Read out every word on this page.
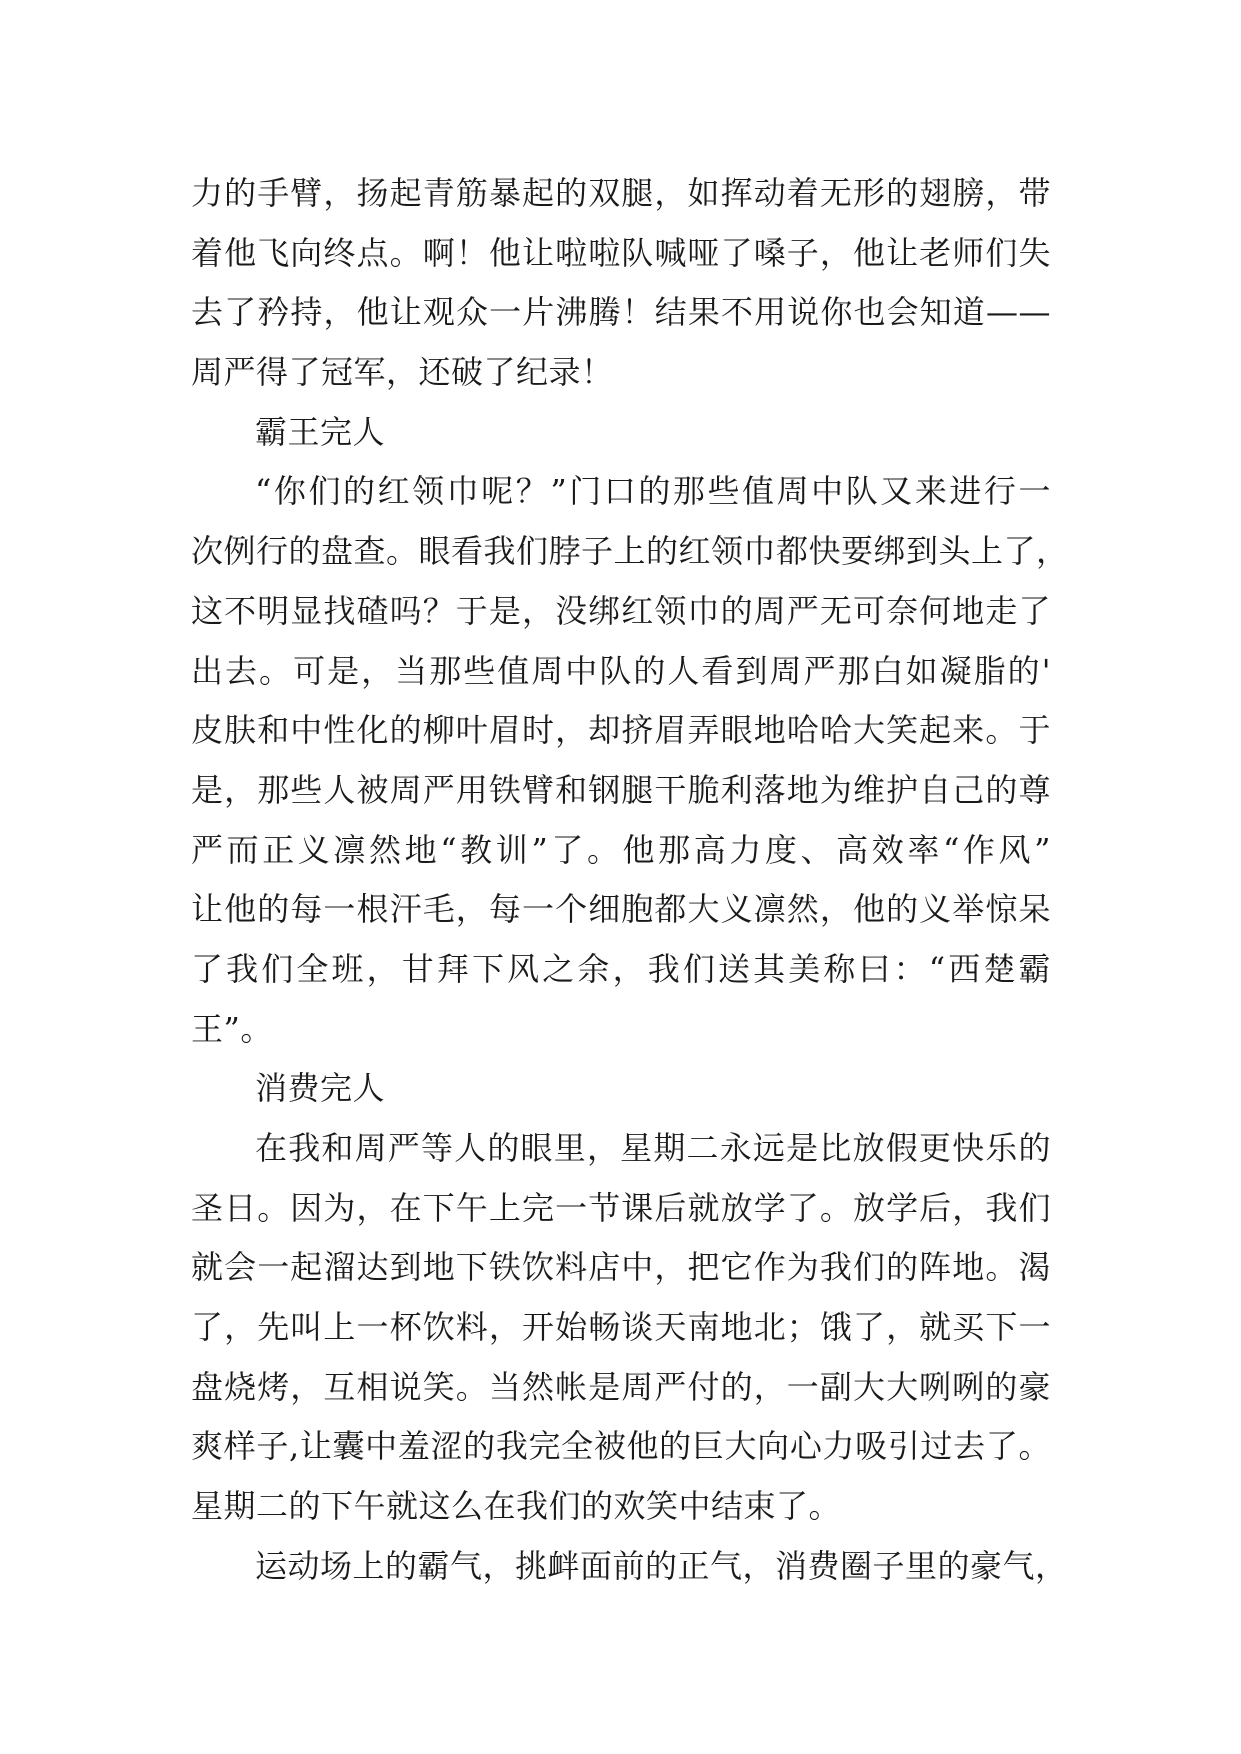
力的手臂，扬起青筋暴起的双腿，如挥动着无形的翅膀，带
着他飞向终点。啊！他让啦啦队喊哑了嗓子，他让老师们失
去了矜持，他让观众一片沸腾！结果不用说你也会知道——
周严得了冠军，还破了纪录！
霸王完人
“你们的红领巾呢？”门口的那些值周中队又来进行一
次例行的盘查。眼看我们脖子上的红领巾都快要绑到头上了，
这不明显找碴吗？于是，没绑红领巾的周严无可奈何地走了
出去。可是，当那些值周中队的人看到周严那白如凝脂的'
皮肤和中性化的柳叶眉时，却挤眉弄眼地哈哈大笑起来。于
是，那些人被周严用铁臂和钢腿干脆利落地为维护自己的尊
严而正义凛然地“教训”了。他那高力度、高效率“作风”
让他的每一根汗毛，每一个细胞都大义凛然，他的义举惊呆
了我们全班，甘拜下风之余，我们送其美称曰：“西楚霸
王”。
消费完人
在我和周严等人的眼里，星期二永远是比放假更快乐的
圣日。因为，在下午上完一节课后就放学了。放学后，我们
就会一起溜达到地下铁饮料店中，把它作为我们的阵地。渴
了，先叫上一杯饮料，开始畅谈天南地北；饿了，就买下一
盘烧烤，互相说笑。当然帐是周严付的，一副大大咧咧的豪
爽样子,让囊中羞涩的我完全被他的巨大向心力吸引过去了。
星期二的下午就这么在我们的欢笑中结束了。
运动场上的霸气，挑衅面前的正气，消费圈子里的豪气，
